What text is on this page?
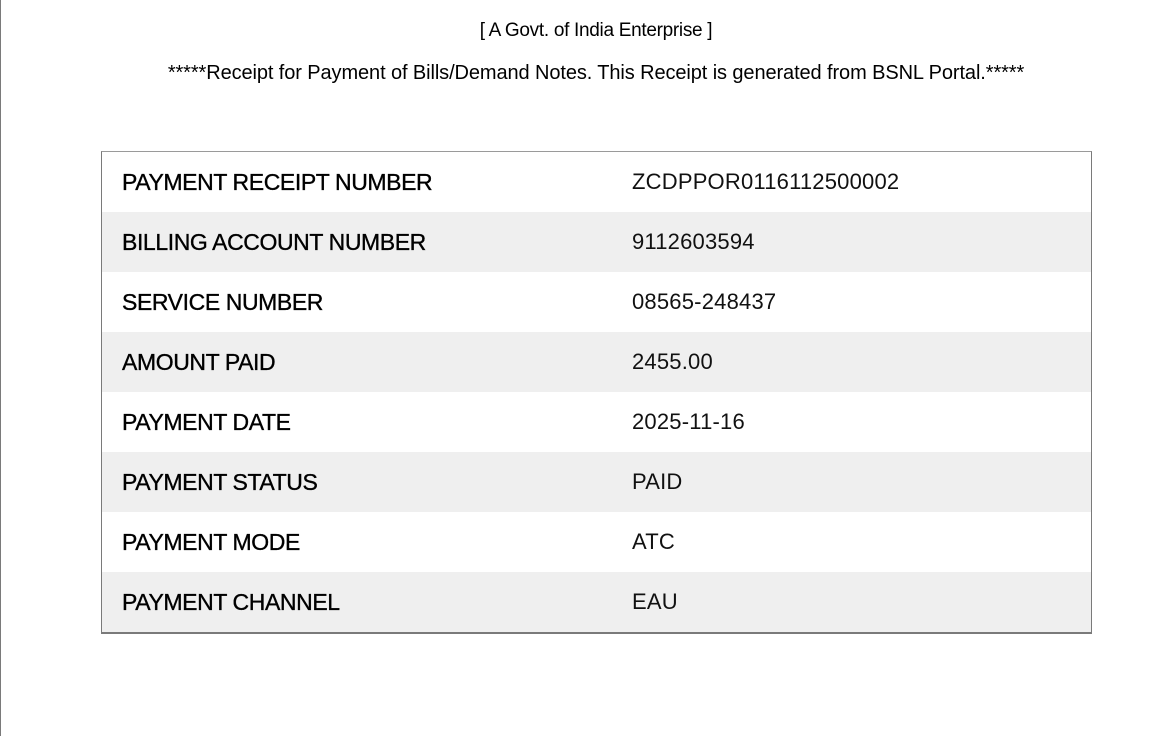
[ A Govt. of India Enterprise ]
*****Receipt for Payment of Bills/Demand Notes. This Receipt is generated from BSNL Portal.*****
PAYMENT RECEIPT NUMBER	ZCDPPOR0116112500002
BILLING ACCOUNT NUMBER	9112603594
SERVICE NUMBER	08565-248437
AMOUNT PAID	2455.00
PAYMENT DATE	2025-11-16
PAYMENT STATUS	PAID
PAYMENT MODE	ATC
PAYMENT CHANNEL	EAU
